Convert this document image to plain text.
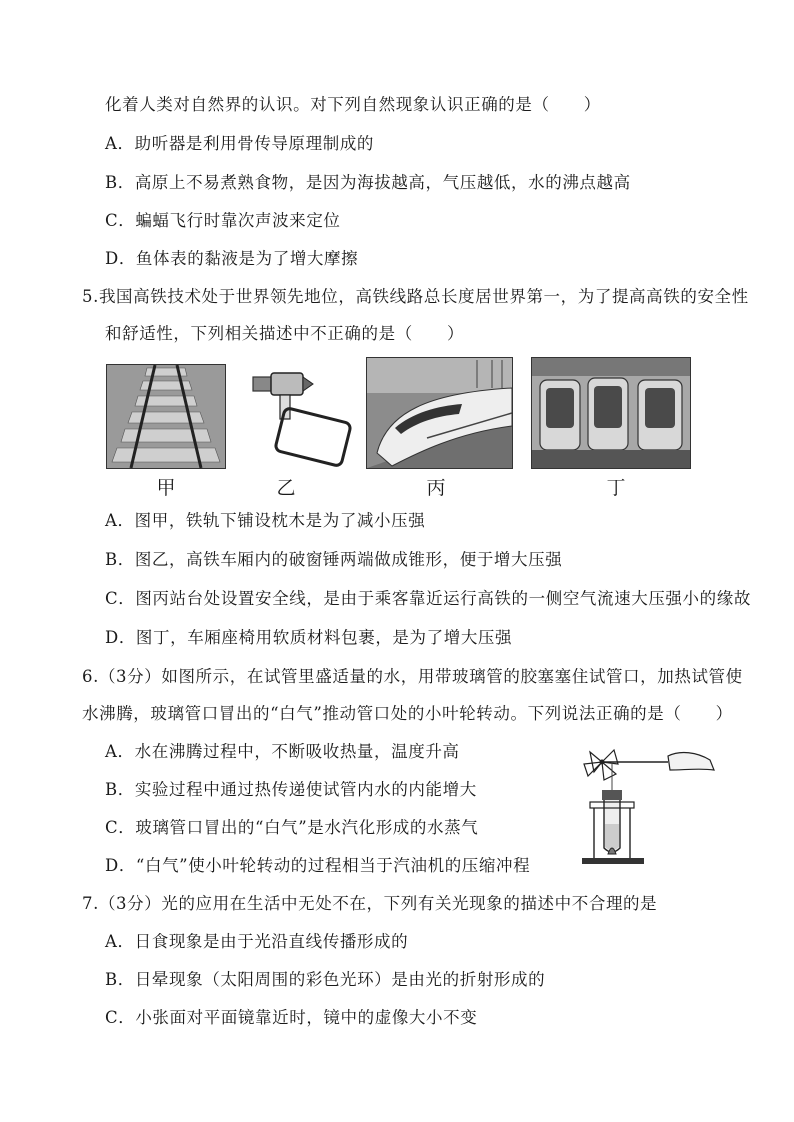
化着人类对自然界的认识。对下列自然现象认识正确的是（　　）
A．助听器是利用骨传导原理制成的
B．高原上不易煮熟食物，是因为海拔越高，气压越低，水的沸点越高
C．蝙蝠飞行时靠次声波来定位
D．鱼体表的黏液是为了增大摩擦
5.我国高铁技术处于世界领先地位，高铁线路总长度居世界第一，为了提高高铁的安全性
和舒适性，下列相关描述中不正确的是（　　）
甲	乙	丙	丁
A．图甲，铁轨下铺设枕木是为了减小压强
B．图乙，高铁车厢内的破窗锤两端做成锥形，便于增大压强
C．图丙站台处设置安全线，是由于乘客靠近运行高铁的一侧空气流速大压强小的缘故
D．图丁，车厢座椅用软质材料包裹，是为了增大压强
6.（3分）如图所示，在试管里盛适量的水，用带玻璃管的胶塞塞住试管口，加热试管使
水沸腾，玻璃管口冒出的“白气”推动管口处的小叶轮转动。下列说法正确的是（　　）
A．水在沸腾过程中，不断吸收热量，温度升高
B．实验过程中通过热传递使试管内水的内能增大
C．玻璃管口冒出的“白气”是水汽化形成的水蒸气
D．“白气”使小叶轮转动的过程相当于汽油机的压缩冲程
7.（3分）光的应用在生活中无处不在，下列有关光现象的描述中不合理的是
A．日食现象是由于光沿直线传播形成的
B．日晕现象（太阳周围的彩色光环）是由光的折射形成的
C．小张面对平面镜靠近时，镜中的虚像大小不变
